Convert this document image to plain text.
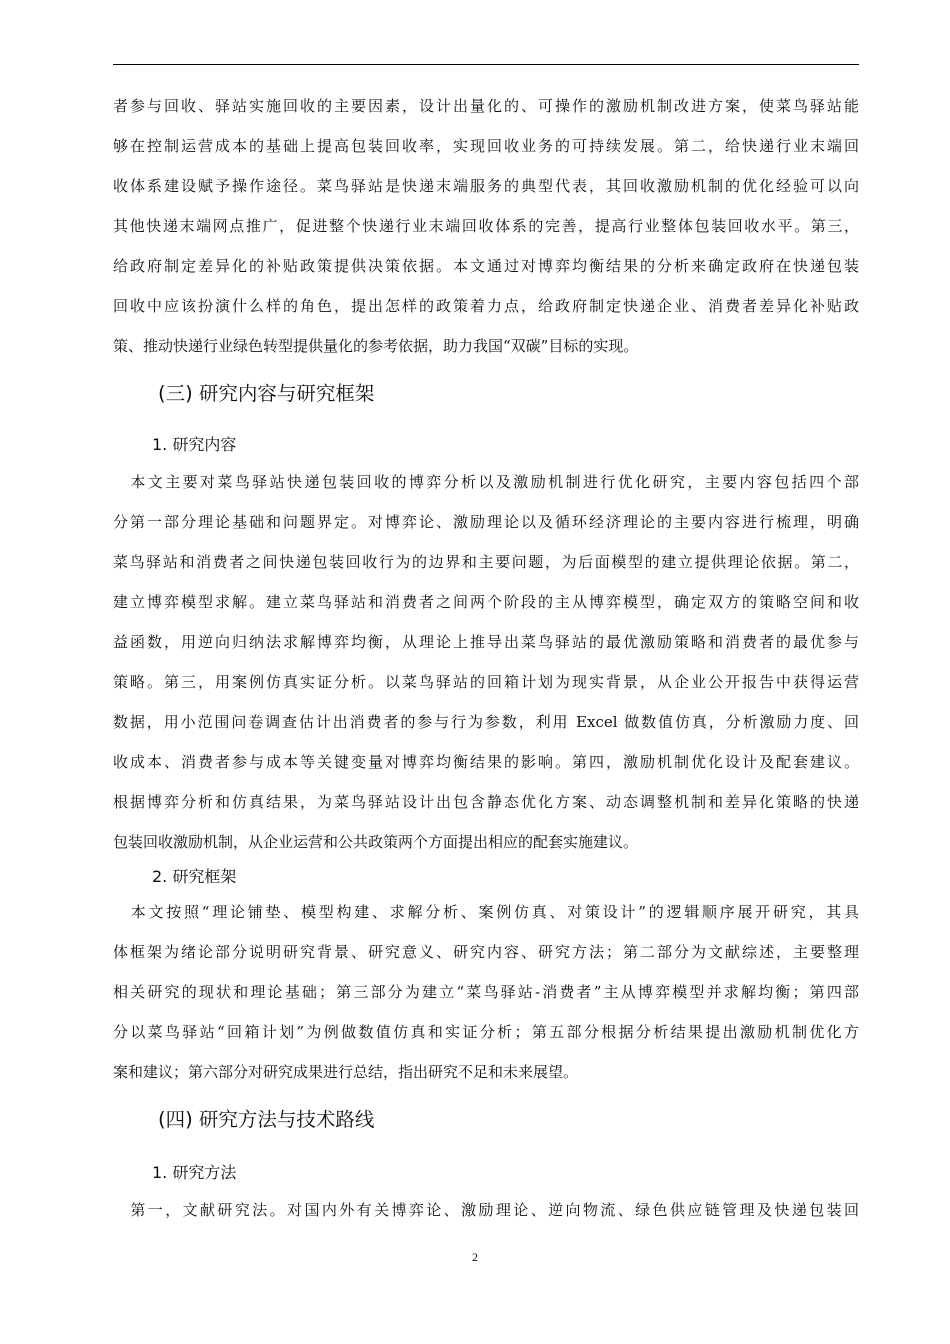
者参与回收、驿站实施回收的主要因素，设计出量化的、可操作的激励机制改进方案，使菜鸟驿站能
够在控制运营成本的基础上提高包装回收率，实现回收业务的可持续发展。第二，给快递行业末端回
收体系建设赋予操作途径。菜鸟驿站是快递末端服务的典型代表，其回收激励机制的优化经验可以向
其他快递末端网点推广，促进整个快递行业末端回收体系的完善，提高行业整体包装回收水平。第三，
给政府制定差异化的补贴政策提供决策依据。本文通过对博弈均衡结果的分析来确定政府在快递包装
回收中应该扮演什么样的角色，提出怎样的政策着力点，给政府制定快递企业、消费者差异化补贴政
策、推动快递行业绿色转型提供量化的参考依据，助力我国“双碳”目标的实现。
(三) 研究内容与研究框架
1. 研究内容
　本文主要对菜鸟驿站快递包装回收的博弈分析以及激励机制进行优化研究，主要内容包括四个部
分第一部分理论基础和问题界定。对博弈论、激励理论以及循环经济理论的主要内容进行梳理，明确
菜鸟驿站和消费者之间快递包装回收行为的边界和主要问题，为后面模型的建立提供理论依据。第二，
建立博弈模型求解。建立菜鸟驿站和消费者之间两个阶段的主从博弈模型，确定双方的策略空间和收
益函数，用逆向归纳法求解博弈均衡，从理论上推导出菜鸟驿站的最优激励策略和消费者的最优参与
策略。第三，用案例仿真实证分析。以菜鸟驿站的回箱计划为现实背景，从企业公开报告中获得运营
数据，用小范围问卷调查估计出消费者的参与行为参数，利用 Excel 做数值仿真，分析激励力度、回
收成本、消费者参与成本等关键变量对博弈均衡结果的影响。第四，激励机制优化设计及配套建议。
根据博弈分析和仿真结果，为菜鸟驿站设计出包含静态优化方案、动态调整机制和差异化策略的快递
包装回收激励机制，从企业运营和公共政策两个方面提出相应的配套实施建议。
2. 研究框架
　本文按照“理论铺垫、模型构建、求解分析、案例仿真、对策设计”的逻辑顺序展开研究，其具
体框架为绪论部分说明研究背景、研究意义、研究内容、研究方法；第二部分为文献综述，主要整理
相关研究的现状和理论基础；第三部分为建立“菜鸟驿站-消费者”主从博弈模型并求解均衡；第四部
分以菜鸟驿站“回箱计划”为例做数值仿真和实证分析；第五部分根据分析结果提出激励机制优化方
案和建议；第六部分对研究成果进行总结，指出研究不足和未来展望。
(四) 研究方法与技术路线
1. 研究方法
　第一，文献研究法。对国内外有关博弈论、激励理论、逆向物流、绿色供应链管理及快递包装回
2
